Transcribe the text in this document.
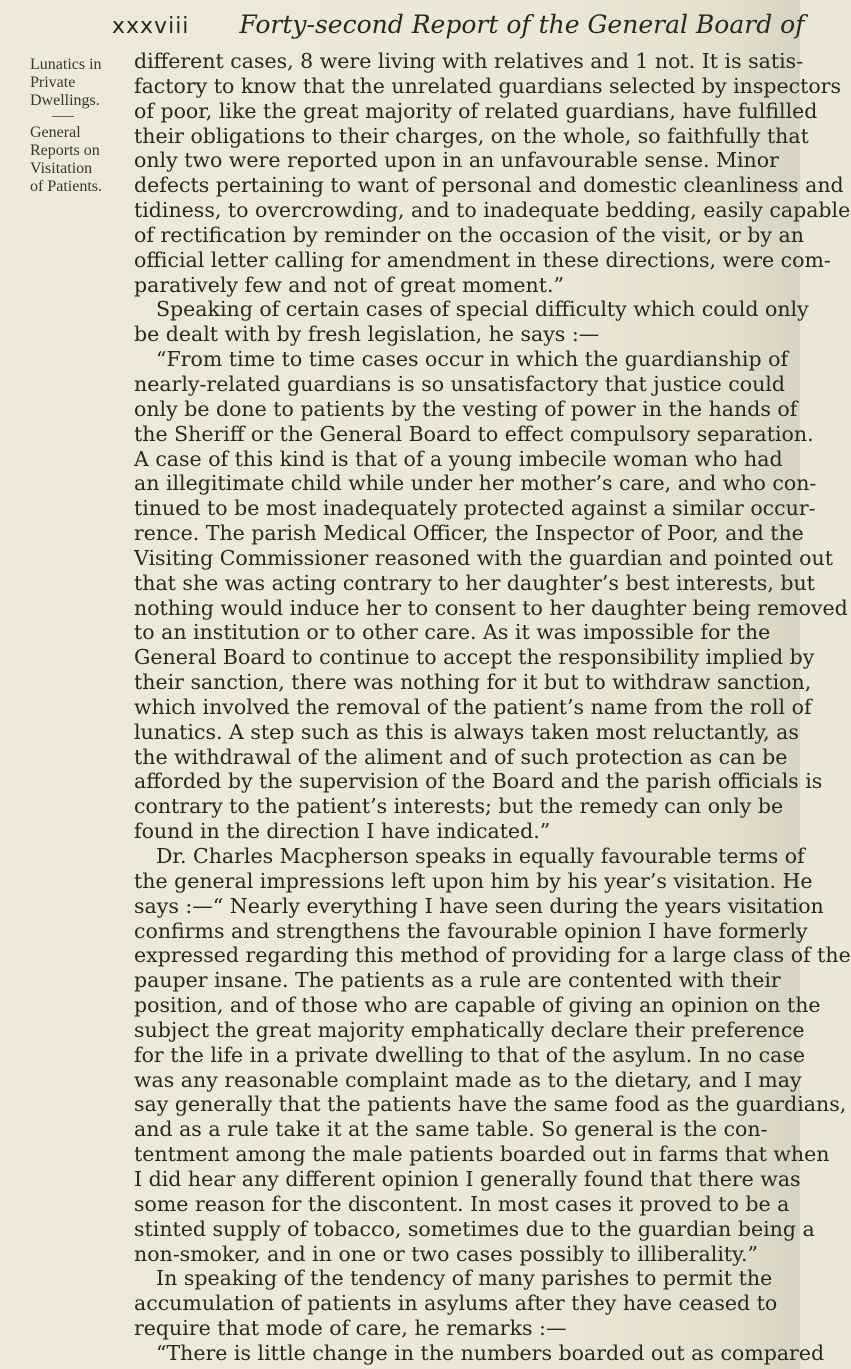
xxxviii Forty-second Report of the General Board of

Lunatics in Private Dwellings.

General Reports on Visitation of Patients.

different cases, 8 were living with relatives and 1 not. It is satis-
factory to know that the unrelated guardians selected by inspectors
of poor, like the great majority of related guardians, have fulfilled
their obligations to their charges, on the whole, so faithfully that
only two were reported upon in an unfavourable sense. Minor
defects pertaining to want of personal and domestic cleanliness and
tidiness, to overcrowding, and to inadequate bedding, easily capable
of rectification by reminder on the occasion of the visit, or by an
official letter calling for amendment in these directions, were com-
paratively few and not of great moment.”
Speaking of certain cases of special difficulty which could only
be dealt with by fresh legislation, he says :—
“From time to time cases occur in which the guardianship of
nearly-related guardians is so unsatisfactory that justice could
only be done to patients by the vesting of power in the hands of
the Sheriff or the General Board to effect compulsory separation.
A case of this kind is that of a young imbecile woman who had
an illegitimate child while under her mother’s care, and who con-
tinued to be most inadequately protected against a similar occur-
rence. The parish Medical Officer, the Inspector of Poor, and the
Visiting Commissioner reasoned with the guardian and pointed out
that she was acting contrary to her daughter’s best interests, but
nothing would induce her to consent to her daughter being removed
to an institution or to other care. As it was impossible for the
General Board to continue to accept the responsibility implied by
their sanction, there was nothing for it but to withdraw sanction,
which involved the removal of the patient’s name from the roll of
lunatics. A step such as this is always taken most reluctantly, as
the withdrawal of the aliment and of such protection as can be
afforded by the supervision of the Board and the parish officials is
contrary to the patient’s interests; but the remedy can only be
found in the direction I have indicated.”
Dr. Charles Macpherson speaks in equally favourable terms of
the general impressions left upon him by his year’s visitation. He
says :—“ Nearly everything I have seen during the years visitation
confirms and strengthens the favourable opinion I have formerly
expressed regarding this method of providing for a large class of the
pauper insane. The patients as a rule are contented with their
position, and of those who are capable of giving an opinion on the
subject the great majority emphatically declare their preference
for the life in a private dwelling to that of the asylum. In no case
was any reasonable complaint made as to the dietary, and I may
say generally that the patients have the same food as the guardians,
and as a rule take it at the same table. So general is the con-
tentment among the male patients boarded out in farms that when
I did hear any different opinion I generally found that there was
some reason for the discontent. In most cases it proved to be a
stinted supply of tobacco, sometimes due to the guardian being a
non-smoker, and in one or two cases possibly to illiberality.”
In speaking of the tendency of many parishes to permit the
accumulation of patients in asylums after they have ceased to
require that mode of care, he remarks :—
“There is little change in the numbers boarded out as compared
